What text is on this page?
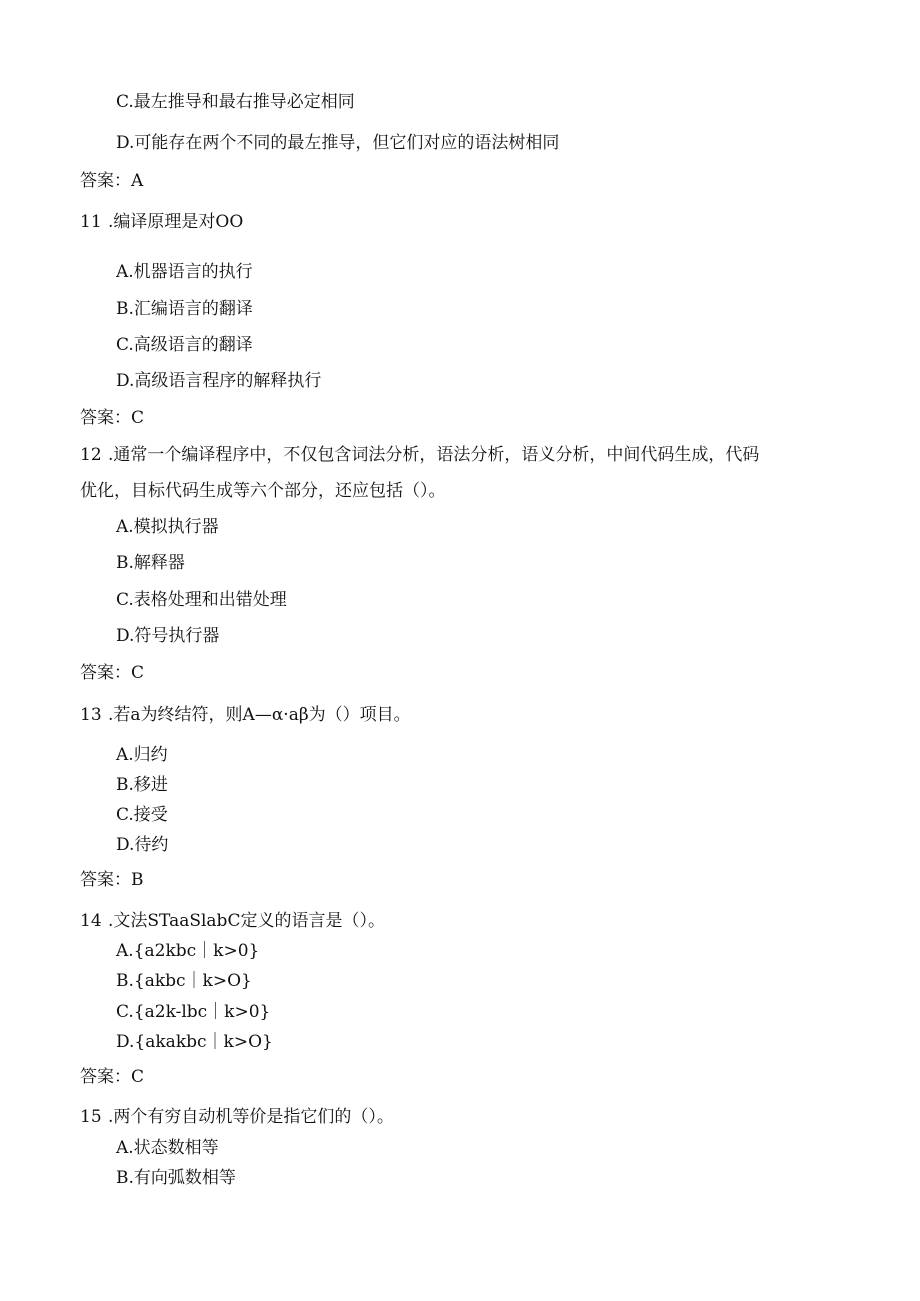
C.最左推导和最右推导必定相同
D.可能存在两个不同的最左推导，但它们对应的语法树相同
答案：A
11 .编译原理是对OO
A.机器语言的执行
B.汇编语言的翻译
C.高级语言的翻译
D.高级语言程序的解释执行
答案：C
12 .通常一个编译程序中，不仅包含词法分析，语法分析，语义分析，中间代码生成，代码
优化，目标代码生成等六个部分，还应包括（）。
A.模拟执行器
B.解释器
C.表格处理和出错处理
D.符号执行器
答案：C
13 .若a为终结符，则A—α·aβ为（）项目。
A.归约
B.移进
C.接受
D.待约
答案：B
14 .文法STaaSlabC定义的语言是（）。
A.{a2kbc｜k>0}
B.{akbc｜k>O}
C.{a2k-lbc｜k>0}
D.{akakbc｜k>O}
答案：C
15 .两个有穷自动机等价是指它们的（）。
A.状态数相等
B.有向弧数相等
